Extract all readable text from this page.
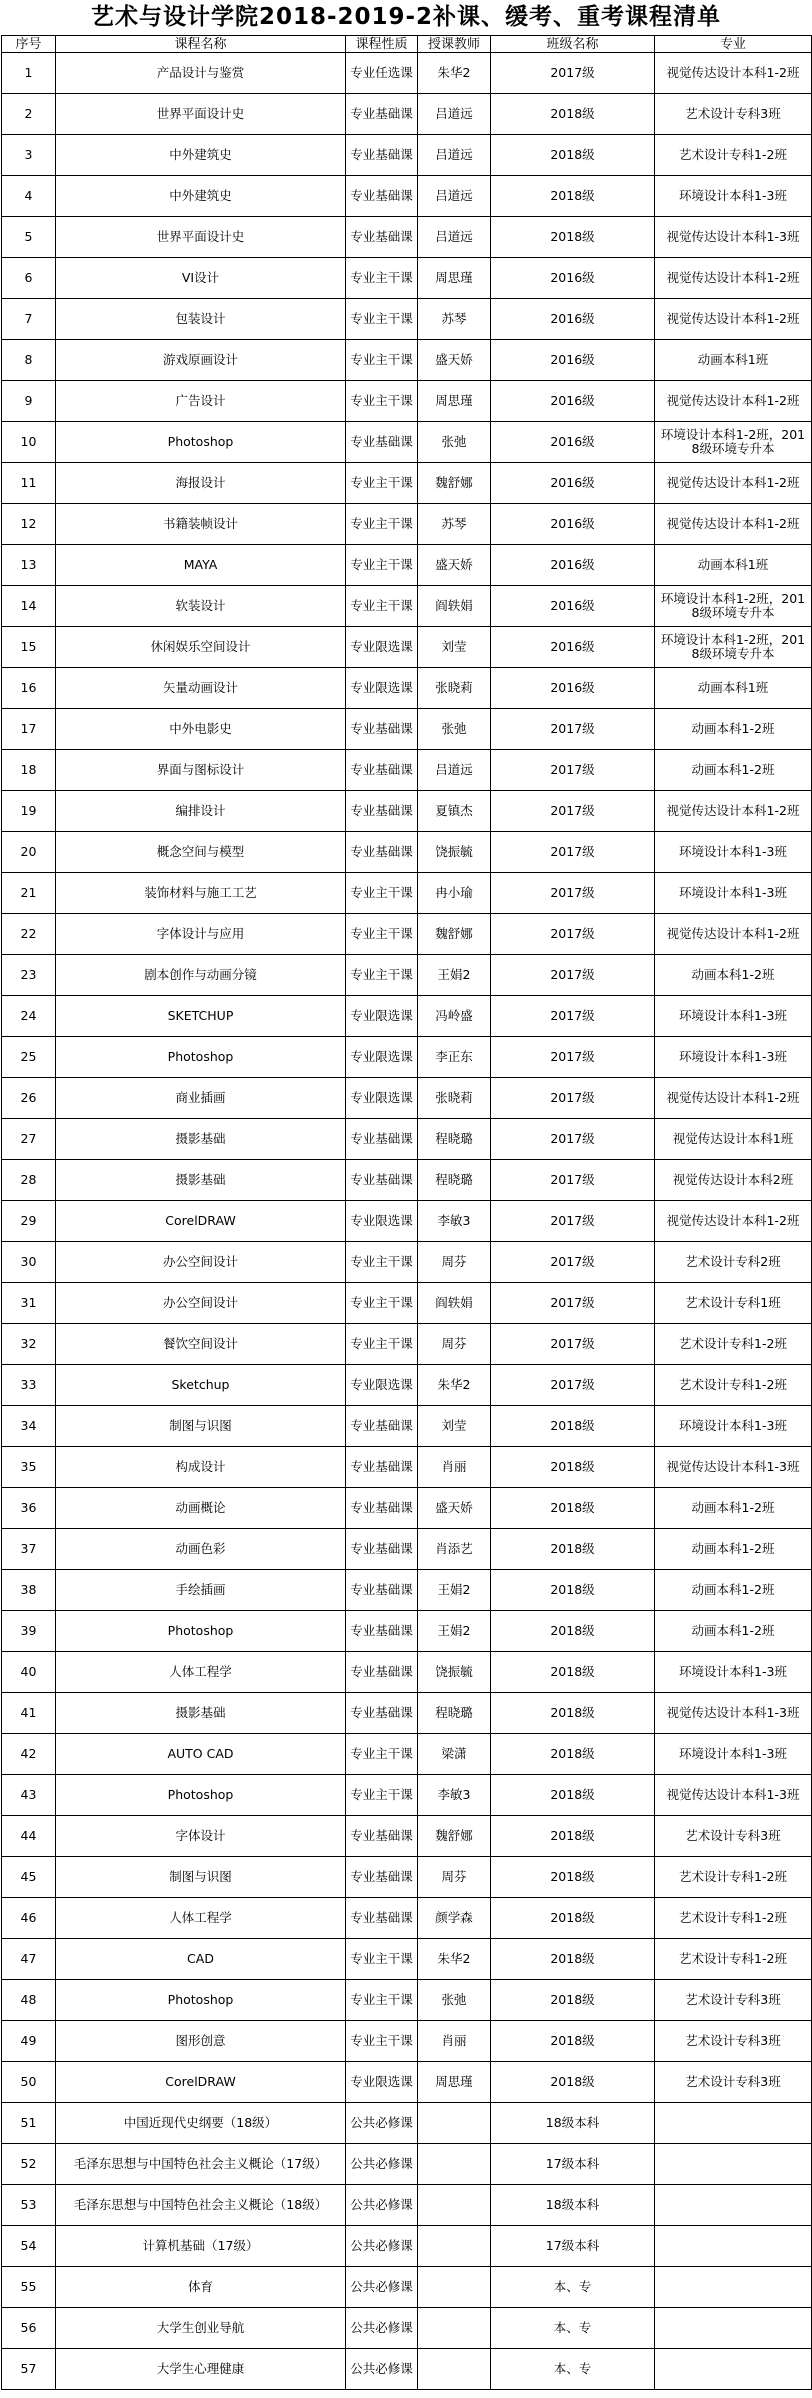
艺术与设计学院2018-2019-2补课、缓考、重考课程清单
序号	课程名称	课程性质	授课教师	班级名称	专业
1	产品设计与鉴赏	专业任选课	朱华2	2017级	视觉传达设计本科1-2班
2	世界平面设计史	专业基础课	吕道远	2018级	艺术设计专科3班
3	中外建筑史	专业基础课	吕道远	2018级	艺术设计专科1-2班
4	中外建筑史	专业基础课	吕道远	2018级	环境设计本科1-3班
5	世界平面设计史	专业基础课	吕道远	2018级	视觉传达设计本科1-3班
6	VI设计	专业主干课	周思瑾	2016级	视觉传达设计本科1-2班
7	包装设计	专业主干课	苏琴	2016级	视觉传达设计本科1-2班
8	游戏原画设计	专业主干课	盛天娇	2016级	动画本科1班
9	广告设计	专业主干课	周思瑾	2016级	视觉传达设计本科1-2班
10	Photoshop	专业基础课	张弛	2016级	环境设计本科1-2班，2018级环境专升本
11	海报设计	专业主干课	魏舒娜	2016级	视觉传达设计本科1-2班
12	书籍装帧设计	专业主干课	苏琴	2016级	视觉传达设计本科1-2班
13	MAYA	专业主干课	盛天娇	2016级	动画本科1班
14	软装设计	专业主干课	阎轶娟	2016级	环境设计本科1-2班，2018级环境专升本
15	休闲娱乐空间设计	专业限选课	刘莹	2016级	环境设计本科1-2班，2018级环境专升本
16	矢量动画设计	专业限选课	张晓莉	2016级	动画本科1班
17	中外电影史	专业基础课	张弛	2017级	动画本科1-2班
18	界面与图标设计	专业基础课	吕道远	2017级	动画本科1-2班
19	编排设计	专业基础课	夏镇杰	2017级	视觉传达设计本科1-2班
20	概念空间与模型	专业基础课	饶振毓	2017级	环境设计本科1-3班
21	装饰材料与施工工艺	专业主干课	冉小瑜	2017级	环境设计本科1-3班
22	字体设计与应用	专业主干课	魏舒娜	2017级	视觉传达设计本科1-2班
23	剧本创作与动画分镜	专业主干课	王娟2	2017级	动画本科1-2班
24	SKETCHUP	专业限选课	冯岭盛	2017级	环境设计本科1-3班
25	Photoshop	专业限选课	李正东	2017级	环境设计本科1-3班
26	商业插画	专业限选课	张晓莉	2017级	视觉传达设计本科1-2班
27	摄影基础	专业基础课	程晓璐	2017级	视觉传达设计本科1班
28	摄影基础	专业基础课	程晓璐	2017级	视觉传达设计本科2班
29	CorelDRAW	专业限选课	李敏3	2017级	视觉传达设计本科1-2班
30	办公空间设计	专业主干课	周芬	2017级	艺术设计专科2班
31	办公空间设计	专业主干课	阎轶娟	2017级	艺术设计专科1班
32	餐饮空间设计	专业主干课	周芬	2017级	艺术设计专科1-2班
33	Sketchup	专业限选课	朱华2	2017级	艺术设计专科1-2班
34	制图与识图	专业基础课	刘莹	2018级	环境设计本科1-3班
35	构成设计	专业基础课	肖丽	2018级	视觉传达设计本科1-3班
36	动画概论	专业基础课	盛天娇	2018级	动画本科1-2班
37	动画色彩	专业基础课	肖添艺	2018级	动画本科1-2班
38	手绘插画	专业基础课	王娟2	2018级	动画本科1-2班
39	Photoshop	专业基础课	王娟2	2018级	动画本科1-2班
40	人体工程学	专业基础课	饶振毓	2018级	环境设计本科1-3班
41	摄影基础	专业基础课	程晓璐	2018级	视觉传达设计本科1-3班
42	AUTO CAD	专业主干课	梁潇	2018级	环境设计本科1-3班
43	Photoshop	专业主干课	李敏3	2018级	视觉传达设计本科1-3班
44	字体设计	专业基础课	魏舒娜	2018级	艺术设计专科3班
45	制图与识图	专业基础课	周芬	2018级	艺术设计专科1-2班
46	人体工程学	专业基础课	颜学森	2018级	艺术设计专科1-2班
47	CAD	专业主干课	朱华2	2018级	艺术设计专科1-2班
48	Photoshop	专业主干课	张弛	2018级	艺术设计专科3班
49	图形创意	专业主干课	肖丽	2018级	艺术设计专科3班
50	CorelDRAW	专业限选课	周思瑾	2018级	艺术设计专科3班
51	中国近现代史纲要（18级）	公共必修课		18级本科	
52	毛泽东思想与中国特色社会主义概论（17级）	公共必修课		17级本科	
53	毛泽东思想与中国特色社会主义概论（18级）	公共必修课		18级本科	
54	计算机基础（17级）	公共必修课		17级本科	
55	体育	公共必修课		本、专	
56	大学生创业导航	公共必修课		本、专	
57	大学生心理健康	公共必修课		本、专	
